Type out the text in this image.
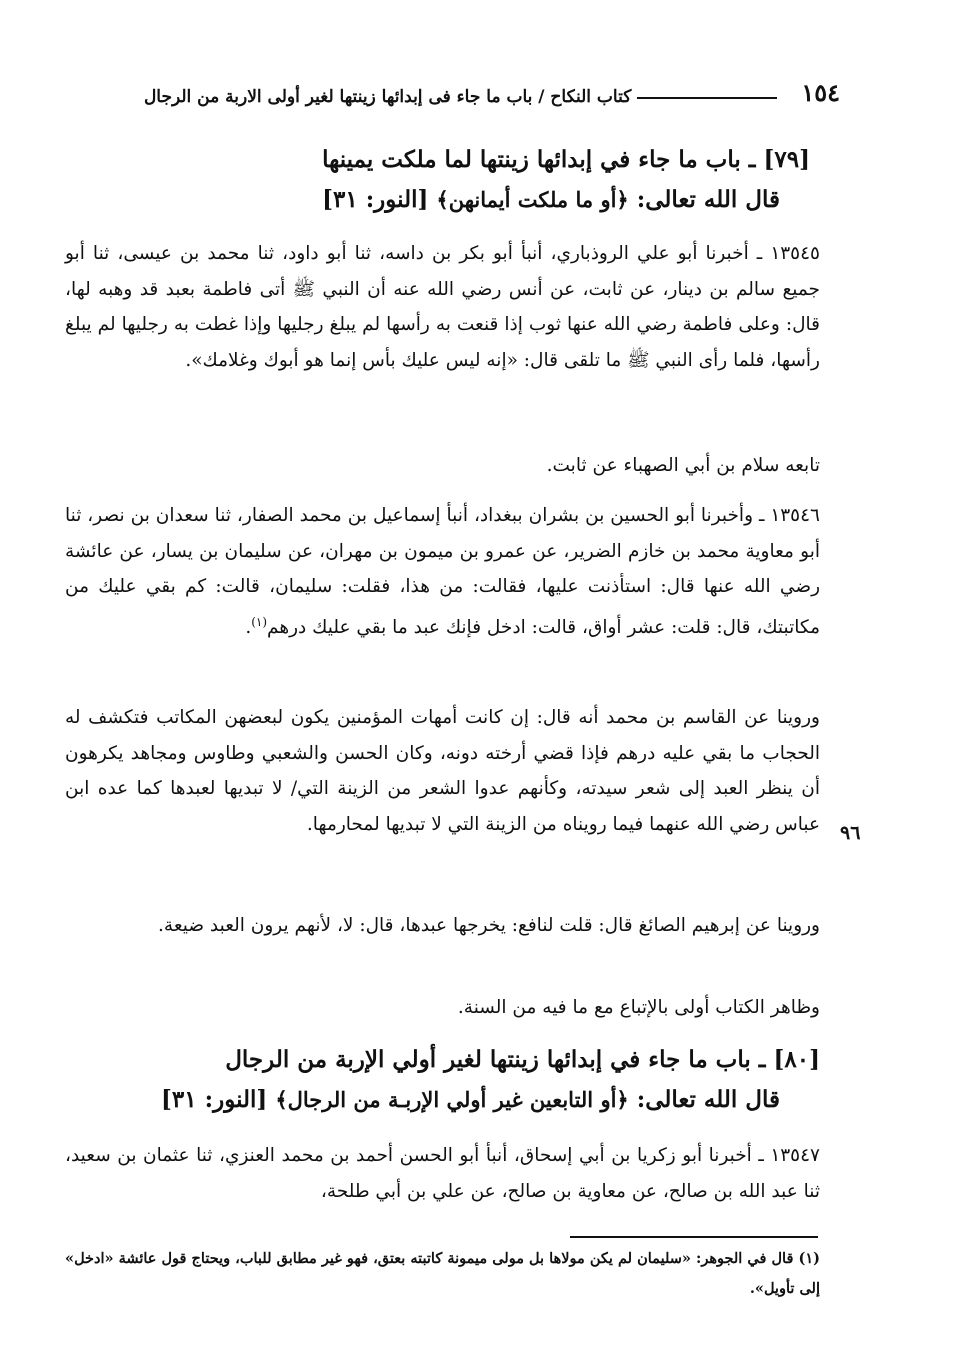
١٥٤
كتاب النكاح / باب ما جاء فى إبدائها زينتها لغير أولى الاربة من الرجال
[٧٩] ـ باب ما جاء في إبدائها زينتها لما ملكت يمينها
قال الله تعالى: ﴿أو ما ملكت أيمانهن﴾ [النور: ٣١]

١٣٥٤٥ ـ أخبرنا أبو علي الروذباري، أنبأ أبو بكر بن داسه، ثنا أبو داود، ثنا محمد بن عيسى، ثنا أبو جميع سالم بن دينار، عن ثابت، عن أنس رضي الله عنه أن النبي ﷺ أتى فاطمة بعبد قد وهبه لها، قال: وعلى فاطمة رضي الله عنها ثوب إذا قنعت به رأسها لم يبلغ رجليها وإذا غطت به رجليها لم يبلغ رأسها، فلما رأى النبي ﷺ ما تلقى قال: «إنه ليس عليك بأس إنما هو أبوك وغلامك».

تابعه سلام بن أبي الصهباء عن ثابت.

١٣٥٤٦ ـ وأخبرنا أبو الحسين بن بشران ببغداد، أنبأ إسماعيل بن محمد الصفار، ثنا سعدان بن نصر، ثنا أبو معاوية محمد بن خازم الضرير، عن عمرو بن ميمون بن مهران، عن سليمان بن يسار، عن عائشة رضي الله عنها قال: استأذنت عليها، فقالت: من هذا، فقلت: سليمان، قالت: كم بقي عليك من مكاتبتك، قال: قلت: عشر أواق، قالت: ادخل فإنك عبد ما بقي عليك درهم$^{(١)}$.

وروينا عن القاسم بن محمد أنه قال: إن كانت أمهات المؤمنين يكون لبعضهن المكاتب فتكشف له الحجاب ما بقي عليه درهم فإذا قضي أرخته دونه، وكان الحسن والشعبي وطاوس ومجاهد يكرهون أن ينظر العبد إلى شعر سيدته، وكأنهم عدوا الشعر من الزينة التي/ لا تبديها لعبدها كما عده ابن عباس رضي الله عنهما فيما رويناه من الزينة التي لا تبديها لمحارمها. ٩٦

وروينا عن إبرهيم الصائغ قال: قلت لنافع: يخرجها عبدها، قال: لا، لأنهم يرون العبد ضيعة.

وظاهر الكتاب أولى بالإتباع مع ما فيه من السنة.

[٨٠] ـ باب ما جاء في إبدائها زينتها لغير أولي الإربة من الرجال
قال الله تعالى: ﴿أو التابعين غير أولي الإربـة من الرجال﴾ [النور: ٣١]

١٣٥٤٧ ـ أخبرنا أبو زكريا بن أبي إسحاق، أنبأ أبو الحسن أحمد بن محمد العنزي، ثنا عثمان بن سعيد، ثنا عبد الله بن صالح، عن معاوية بن صالح، عن علي بن أبي طلحة،

(١) قال في الجوهر: «سليمان لم يكن مولاها بل مولى ميمونة كاتبته بعتق، فهو غير مطابق للباب، ويحتاج قول عائشة «ادخل» إلى تأويل».
